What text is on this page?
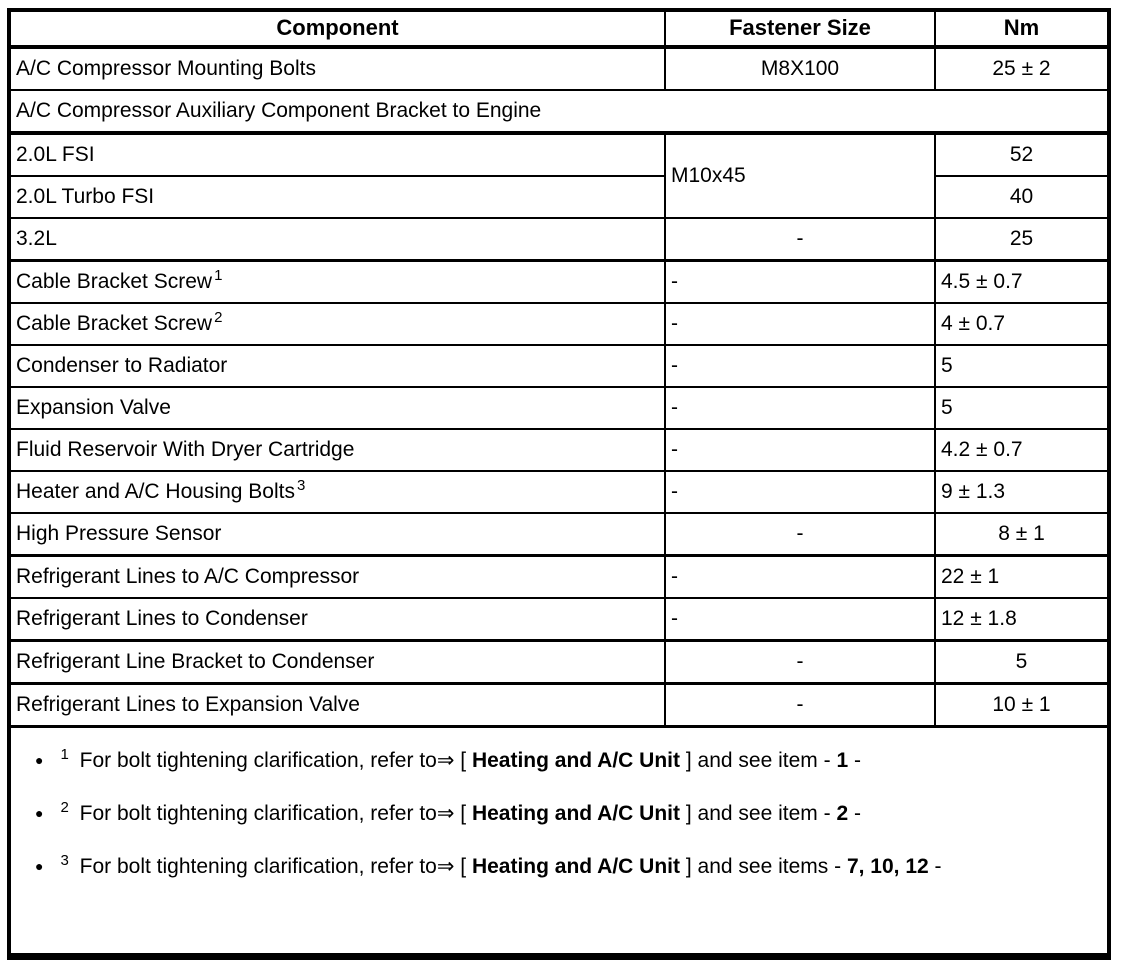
Component	Fastener Size	Nm
A/C Compressor Mounting Bolts	M8X100	25 ± 2
A/C Compressor Auxiliary Component Bracket to Engine		
2.0L FSI	M10x45	52
2.0L Turbo FSI		40
3.2L	-	25
Cable Bracket Screw $^1$	-	4.5 ± 0.7
Cable Bracket Screw $^2$	-	4 ± 0.7
Condenser to Radiator	-	5
Expansion Valve	-	5
Fluid Reservoir With Dryer Cartridge	-	4.2 ± 0.7
Heater and A/C Housing Bolts $^3$	-	9 ± 1.3
High Pressure Sensor	-	8 ± 1
Refrigerant Lines to A/C Compressor	-	22 ± 1
Refrigerant Lines to Condenser	-	12 ± 1.8
Refrigerant Line Bracket to Condenser	-	5
Refrigerant Lines to Expansion Valve	-	10 ± 1

● $^1$ For bolt tightening clarification, refer to⇒ [ Heating and A/C Unit ] and see item - 1 -
● $^2$ For bolt tightening clarification, refer to⇒ [ Heating and A/C Unit ] and see item - 2 -
● $^3$ For bolt tightening clarification, refer to⇒ [ Heating and A/C Unit ] and see items - 7, 10, 12 -		
